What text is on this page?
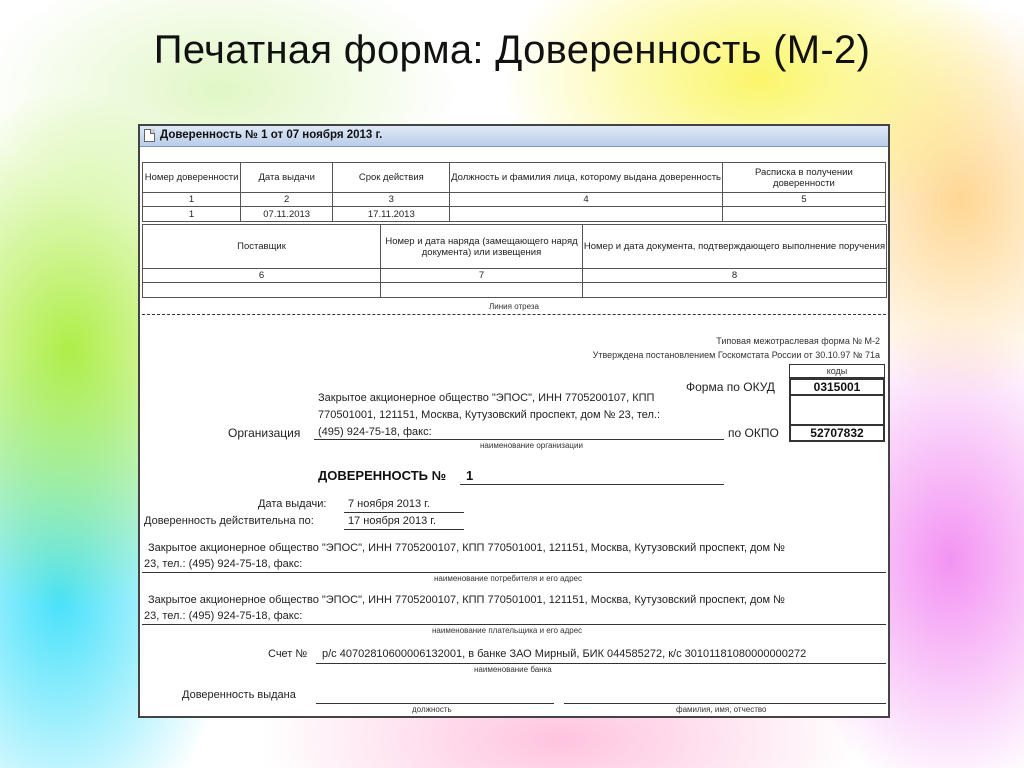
Печатная форма: Доверенность (М-2)
Доверенность № 1 от 07 ноября 2013 г.
Номер доверенности	Дата выдачи	Срок действия	Должность и фамилия лица, которому выдана доверенность	Расписка в получении доверенности
1	2	3	4	5
1	07.11.2013	17.11.2013		
Поставщик	Номер и дата наряда (замещающего наряд документа) или извещения	Номер и дата документа, подтверждающего выполнение поручения
6	7	8

Линия отреза
Типовая межотраслевая форма № М-2
Утверждена постановлением Госкомстата России от 30.10.97 № 71а
коды
Форма по ОКУД	0315001
по ОКПО	52707832
Закрытое акционерное общество "ЭПОС", ИНН 7705200107, КПП
770501001, 121151, Москва, Кутузовский проспект, дом № 23, тел.:
Организация (495) 924-75-18, факс:
наименование организации
ДОВЕРЕННОСТЬ № 1
Дата выдачи: 7 ноября 2013 г.
Доверенность действительна по:	17 ноября 2013 г.
Закрытое акционерное общество "ЭПОС", ИНН 7705200107, КПП 770501001, 121151, Москва, Кутузовский проспект, дом №
23, тел.: (495) 924-75-18, факс:
наименование потребителя и его адрес
Закрытое акционерное общество "ЭПОС", ИНН 7705200107, КПП 770501001, 121151, Москва, Кутузовский проспект, дом №
23, тел.: (495) 924-75-18, факс:
наименование плательщика и его адрес
Счет № р/с 40702810600006132001, в банке ЗАО Мирный, БИК 044585272, к/с 30101181080000000272
наименование банка
Доверенность выдана
должность	фамилия, имя, отчество
